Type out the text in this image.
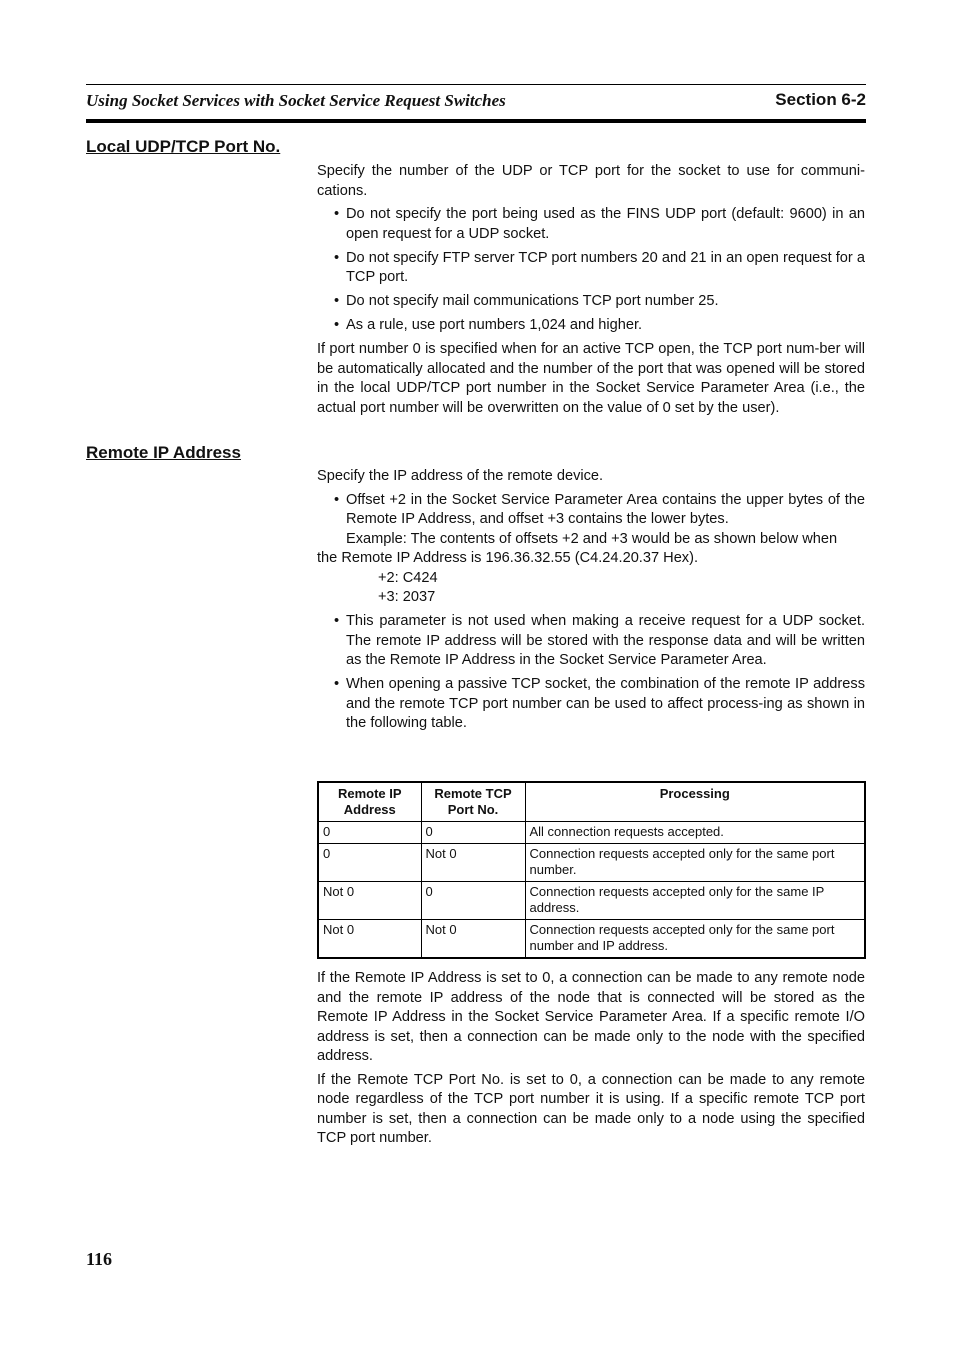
Using Socket Services with Socket Service Request Switches	Section 6-2
Local UDP/TCP Port No.

Specify the number of the UDP or TCP port for the socket to use for communi-cations.

• Do not specify the port being used as the FINS UDP port (default: 9600) in an open request for a UDP socket.
• Do not specify FTP server TCP port numbers 20 and 21 in an open request for a TCP port.
• Do not specify mail communications TCP port number 25.
• As a rule, use port numbers 1,024 and higher.

If port number 0 is specified when for an active TCP open, the TCP port num-ber will be automatically allocated and the number of the port that was opened will be stored in the local UDP/TCP port number in the Socket Service Parameter Area (i.e., the actual port number will be overwritten on the value of 0 set by the user).

Remote IP Address

Specify the IP address of the remote device.

• Offset +2 in the Socket Service Parameter Area contains the upper bytes of the Remote IP Address, and offset +3 contains the lower bytes.
Example: The contents of offsets +2 and +3 would be as shown below when
the Remote IP Address is 196.36.32.55 (C4.24.20.37 Hex).
+2: C424
+3: 2037
• This parameter is not used when making a receive request for a UDP socket. The remote IP address will be stored with the response data and will be written as the Remote IP Address in the Socket Service Parameter Area.
• When opening a passive TCP socket, the combination of the remote IP address and the remote TCP port number can be used to affect process-ing as shown in the following table.
Remote IP Address	Remote TCP Port No.	Processing
0	0	All connection requests accepted.
0	Not 0	Connection requests accepted only for the same port number.
Not 0	0	Connection requests accepted only for the same IP address.
Not 0	Not 0	Connection requests accepted only for the same port number and IP address.

If the Remote IP Address is set to 0, a connection can be made to any remote node and the remote IP address of the node that is connected will be stored as the Remote IP Address in the Socket Service Parameter Area. If a specific remote I/O address is set, then a connection can be made only to the node with the specified address.

If the Remote TCP Port No. is set to 0, a connection can be made to any remote node regardless of the TCP port number it is using. If a specific remote TCP port number is set, then a connection can be made only to a node using the specified TCP port number.

116
